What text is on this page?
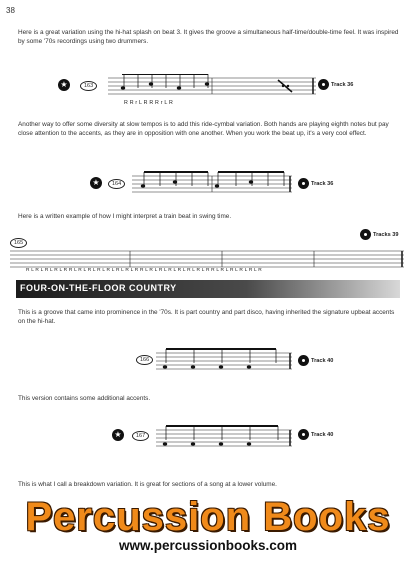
38
Here is a great variation using the hi-hat splash on beat 3. It gives the groove a simultaneous half-time/double-time feel. It was inspired by some '70s recordings using two drummers.
★	163
R R r L R R R r L R
Track 36
Another way to offer some diversity at slow tempos is to add this ride-cymbal variation. Both hands are playing eighth notes but pay close attention to the accents, as they are in opposition with one another. When you work the beat up, it's a very cool effect.
★	164	Track 36
Here is a written example of how I might interpret a train beat in swing time.
165
Tracks 39
R L R L R L R L R R L R L R L R L R L R L R L R R L R L R L R L R L R L R L R R L R L R L R L R L R
FOUR-ON-THE-FLOOR COUNTRY
This is a groove that came into prominence in the '70s. It is part country and part disco, having inherited the signature upbeat accents on the hi-hat.
166	Track 40
This version contains some additional accents.
★	167	Track 40
This is what I call a breakdown variation. It is great for sections of a song at a lower volume.
Percussion Books
www.percussionbooks.com
